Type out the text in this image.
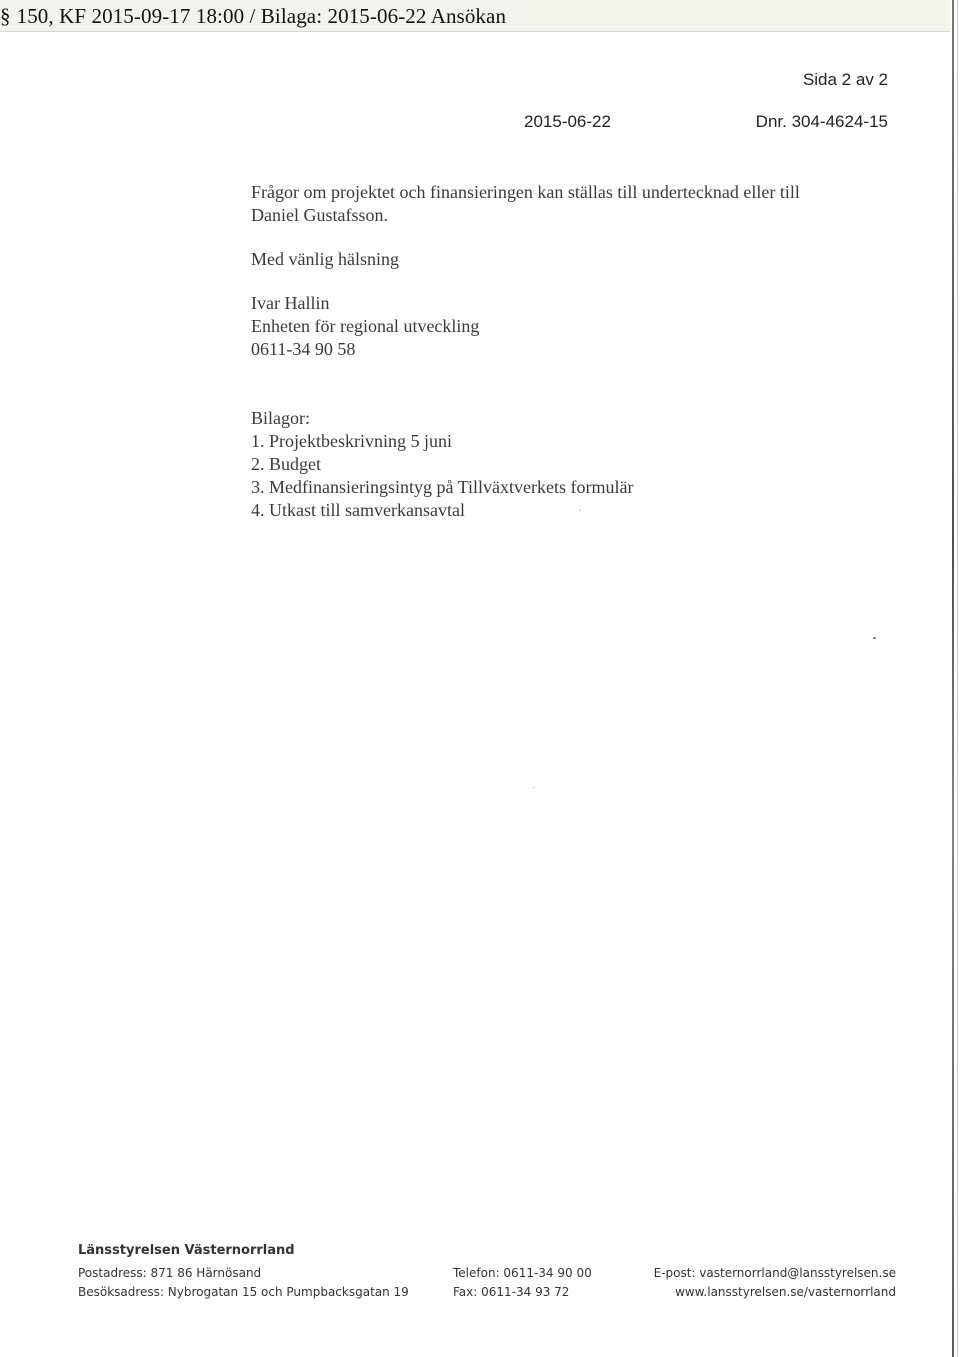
§ 150, KF 2015-09-17 18:00 / Bilaga: 2015-06-22 Ansökan
Sida 2 av 2
2015-06-22	Dnr. 304-4624-15
Frågor om projektet och finansieringen kan ställas till undertecknad eller till
Daniel Gustafsson.
Med vänlig hälsning
Ivar Hallin
Enheten för regional utveckling
0611-34 90 58
Bilagor:
1. Projektbeskrivning 5 juni
2. Budget
3. Medfinansieringsintyg på Tillväxtverkets formulär
4. Utkast till samverkansavtal
Länsstyrelsen Västernorrland
Postadress: 871 86 Härnösand
Besöksadress: Nybrogatan 15 och Pumpbacksgatan 19
Telefon: 0611-34 90 00
Fax: 0611-34 93 72
E-post: vasternorrland@lansstyrelsen.se
www.lansstyrelsen.se/vasternorrland
